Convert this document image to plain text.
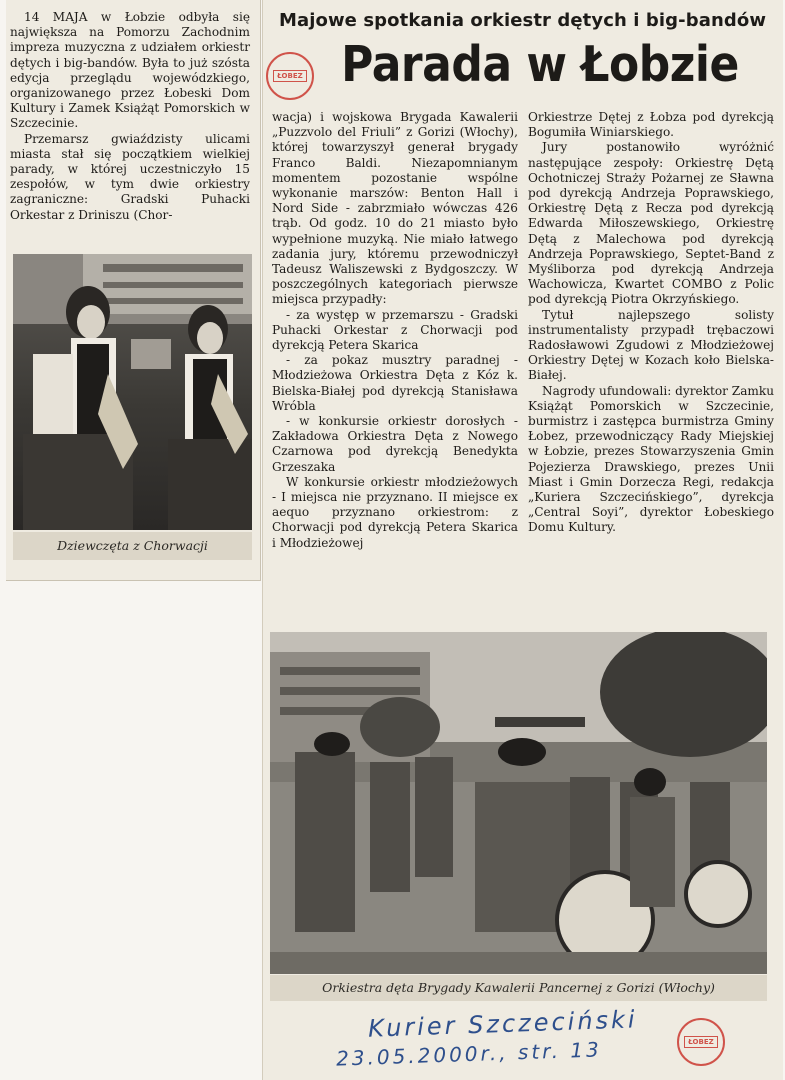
14 MAJA w Łobzie odbyła się największa na Pomorzu Zachodnim impreza muzyczna z udziałem orkiestr dętych i big-bandów. Była to już szósta edycja przeglądu wojewódzkiego, organizowanego przez Łobeski Dom Kultury i Zamek Książąt Pomorskich w Szczecinie.

Przemarsz gwiaździsty ulicami miasta stał się początkiem wielkiej parady, w której uczestniczyło 15 zespołów, w tym dwie orkiestry zagraniczne: Gradski Puhacki Orkestar z Driniszu (Chor-

Dziewczęta z Chorwacji
Majowe spotkania orkiestr dętych i big-bandów
ŁOBEZ Parada w Łobzie

wacja) i wojskowa Brygada Kawalerii „Puzzvolo del Friuli” z Gorizi (Włochy), której towarzyszył generał brygady Franco Baldi. Niezapomnianym momentem pozostanie wspólne wykonanie marszów: Benton Hall i Nord Side - zabrzmiało wówczas 426 trąb. Od godz. 10 do 21 miasto było wypełnione muzyką. Nie miało łatwego zadania jury, któremu przewodniczył Tadeusz Waliszewski z Bydgoszczy. W poszczególnych kategoriach pierwsze miejsca przypadły:

- za występ w przemarszu - Gradski Puhacki Orkestar z Chorwacji pod dyrekcją Petera Skarica

- za pokaz musztry paradnej - Młodzieżowa Orkiestra Dęta z Kóz k. Bielska-Białej pod dyrekcją Stanisława Wróbla

- w konkursie orkiestr dorosłych - Zakładowa Orkiestra Dęta z Nowego Czarnowa pod dyrekcją Benedykta Grzeszaka

W konkursie orkiestr młodzieżowych - I miejsca nie przyznano. II miejsce ex aequo przyznano orkiestrom: z Chorwacji pod dyrekcją Petera Skarica i Młodzieżowej

Orkiestrze Dętej z Łobza pod dyrekcją Bogumiła Winiarskiego.

Jury postanowiło wyróżnić następujące zespoły: Orkiestrę Dętą Ochotniczej Straży Pożarnej ze Sławna pod dyrekcją Andrzeja Poprawskiego, Orkiestrę Dętą z Recza pod dyrekcją Edwarda Miłoszewskiego, Orkiestrę Dętą z Malechowa pod dyrekcją Andrzeja Poprawskiego, Septet-Band z Myśliborza pod dyrekcją Andrzeja Wachowicza, Kwartet COMBO z Polic pod dyrekcją Piotra Okrzyńskiego.

Tytuł najlepszego solisty instrumentalisty przypadł trębaczowi Radosławowi Zgudowi z Młodzieżowej Orkiestry Dętej w Kozach koło Bielska-Białej.

Nagrody ufundowali: dyrektor Zamku Książąt Pomorskich w Szczecinie, burmistrz i zastępca burmistrza Gminy Łobez, przewodniczący Rady Miejskiej w Łobzie, prezes Stowarzyszenia Gmin Pojezierza Drawskiego, prezes Unii Miast i Gmin Dorzecza Regi, redakcja „Kuriera Szczecińskiego”, dyrekcja „Central Soyi”, dyrektor Łobeskiego Domu Kultury.

Orkiestra dęta Brygady Kawalerii Pancernej z Gorizi (Włochy)
ŁOBEZ
Kurier Szczeciński
23.05.2000r., str. 13
